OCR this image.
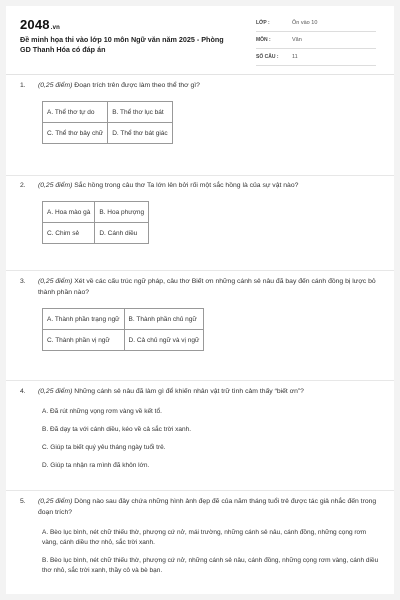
2048.vn
Đề minh họa thi vào lớp 10 môn Ngữ văn năm 2025 - Phòng GD Thanh Hóa có đáp án
LỚP :	Ôn vào 10
MÔN :	Văn
SỐ CÂU : 11
1. (0,25 điểm) Đoạn trích trên được làm theo thể thơ gì?
A. Thể thơ tự do	B. Thể thơ lục bát
C. Thể thơ bảy chữ	D. Thể thơ bát giác
2. (0,25 điểm) Sắc hồng trong câu thơ Ta lớn lên bởi rối một sắc hồng là của sự vật nào?
A. Hoa mào gà	B. Hoa phượng
C. Chim sẻ	D. Cánh diều
3. (0,25 điểm) Xét về các cấu trúc ngữ pháp, câu thơ Biết ơn những cánh sẻ nâu đã bay đến cánh đồng bị lược bỏ thành phần nào?
A. Thành phần trạng ngữ	B. Thành phần chủ ngữ
C. Thành phần vị ngữ	D. Cả chủ ngữ và vị ngữ
4. (0,25 điểm) Những cánh sẻ nâu đã làm gì để khiến nhân vật trữ tình cảm thấy “biết ơn”?
A. Đã rút những vọng rơm vàng về kết tổ.
B. Đã dạy ta với cánh diều, kéo về cả sắc trời xanh.
C. Giúp ta biết quý yêu tháng ngày tuổi trẻ.
D. Giúp ta nhận ra mình đã khôn lớn.
5. (0,25 điểm) Dòng nào sau đây chứa những hình ảnh đẹp đẽ của năm tháng tuổi trẻ được tác giả nhắc đến trong đoạn trích?
A. Bèo lục bình, nét chữ thiếu thờ, phượng cứ nở, mái trường, những cánh sẻ nâu, cánh đồng, những cọng rơm vàng, cánh diều thơ nhỏ, sắc trời xanh.
B. Bèo lục bình, nét chữ thiếu thờ, phượng cứ nở, những cánh sẻ nâu, cánh đồng, những cọng rơm vàng, cánh diều thơ nhỏ, sắc trời xanh, thầy cô và bè bạn.
